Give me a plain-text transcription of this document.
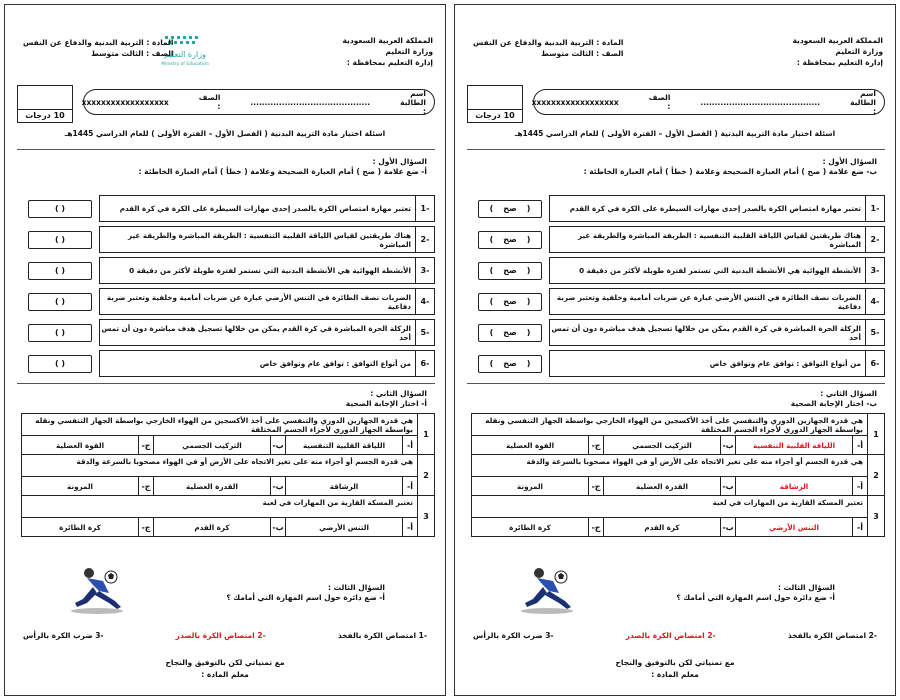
المملكة العربية السعودية
وزارة التعليم
إدارة التعليم بمحافظة :
وزارة التعليم
Ministry of Education
المادة : التربية البدنية والدفاع عن النفس
الصف : الثالث متوسط
اسم الطالبة :
..........................................
الصف :
xxxxxxxxxxxxxxxxxx
10 درجات
اسئلة اختبار مادة التربية البدنية ( الفصل الأول – الفترة الأولى ) للعام الدراسي 1445هـ
السؤال الأول :
أ- ضع علامة ( صح ) أمام العبارة الصحيحة وعلامة ( خطأ ) أمام العبارة الخاطئة :
-1
تعتبر مهارة امتصاص الكرة بالصدر إحدى مهارات السيطرة على الكرة في كرة القدم
( )
-2
هناك طريقتين لقياس اللياقة القلبية التنفسية : الطريقة المباشرة والطريقة غير المباشرة
( )
-3
الأنشطة الهوائية هي الأنشطة البدنية التي تستمر لفترة طويلة لأكثر من دقيقة 0
( )
-4
الضربات نصف الطائرة في التنس الأرضي عبارة عن ضربات أمامية وخلفية وتعتبر ضربة دفاعية
( )
-5
الركلة الحرة المباشرة في كرة القدم يمكن من خلالها تسجيل هدف مباشرة دون أن تمس أحد
( )
-6
من أنواع التوافق : توافق عام وتوافق خاص
( )
السؤال الثاني :
أ- اختار الإجابة الصحية
1
هي قدرة الجهازين الدوري والتنفسي على أخذ الأكسجين من الهواء الخارجي بواسطة الجهاز التنفسي ونقله بواسطة الجهاز الدوري لأجزاء الجسم المختلفة
أ-
اللياقة القلبية التنفسية
ب-
التركيب الجسمي
ج-
القوة العضلية
2
هي قدرة الجسم أو أجزاء منه على تغير الاتجاه على الأرض أو في الهواء مصحوبا بالسرعة والدقة
أ-
الرشاقة
ب-
القدرة العضلية
ج-
المرونة
3
تعتبر المسكة القارية من المهارات في لعبة
أ-
التنس الأرضي
ب-
كرة القدم
ج-
كرة الطائرة
السؤال الثالث :
أ- ضع دائرة حول اسم المهارة التي أمامك ؟
-1 امتصاص الكرة بالفخذ
-2 امتصاص الكرة بالصدر
-3 ضرب الكرة بالرأس
مع تمنياتي لكن بالتوفيق والنجاح
معلم المادة :
المملكة العربية السعودية
وزارة التعليم
إدارة التعليم بمحافظة :
المادة : التربية البدنية والدفاع عن النفس
الصف : الثالث متوسط
اسم الطالبة :
..........................................
الصف :
xxxxxxxxxxxxxxxxxx
10 درجات
اسئلة اختبار مادة التربية البدنية ( الفصل الأول – الفترة الأولى ) للعام الدراسي 1445هـ
السؤال الأول :
ب- ضع علامة ( صح ) أمام العبارة الصحيحة وعلامة ( خطأ ) أمام العبارة الخاطئة :
-1
تعتبر مهارة امتصاص الكرة بالصدر إحدى مهارات السيطرة على الكرة في كرة القدم
(
صح
)
-2
هناك طريقتين لقياس اللياقة القلبية التنفسية : الطريقة المباشرة والطريقة غير المباشرة
(
صح
)
-3
الأنشطة الهوائية هي الأنشطة البدنية التي تستمر لفترة طويلة لأكثر من دقيقة 0
(
صح
)
-4
الضربات نصف الطائرة في التنس الأرضي عبارة عن ضربات أمامية وخلفية وتعتبر ضربة دفاعية
(
صح
)
-5
الركلة الحرة المباشرة في كرة القدم يمكن من خلالها تسجيل هدف مباشرة دون أن تمس أحد
(
صح
)
-6
من أنواع التوافق : توافق عام وتوافق خاص
(
صح
)
السؤال الثاني :
ب- اختار الإجابة الصحية
1
هي قدرة الجهازين الدوري والتنفسي على أخذ الأكسجين من الهواء الخارجي بواسطة الجهاز التنفسي ونقله بواسطة الجهاز الدوري لأجزاء الجسم المختلفة
أ-
اللياقة القلبية التنفسية
ب-
التركيب الجسمي
ج-
القوة العضلية
2
هي قدرة الجسم أو أجزاء منه على تغير الاتجاه على الأرض أو في الهواء مصحوبا بالسرعة والدقة
أ-
الرشاقة
ب-
القدرة العضلية
ج-
المرونة
3
تعتبر المسكة القارية من المهارات في لعبة
أ-
التنس الأرضي
ب-
كرة القدم
ج-
كرة الطائرة
السؤال الثالث :
أ- ضع دائرة حول اسم المهارة التي أمامك ؟
-2 امتصاص الكرة بالفخذ
-2 امتصاص الكرة بالصدر
-3 ضرب الكرة بالرأس
مع تمنياتي لكن بالتوفيق والنجاح
معلم المادة :
